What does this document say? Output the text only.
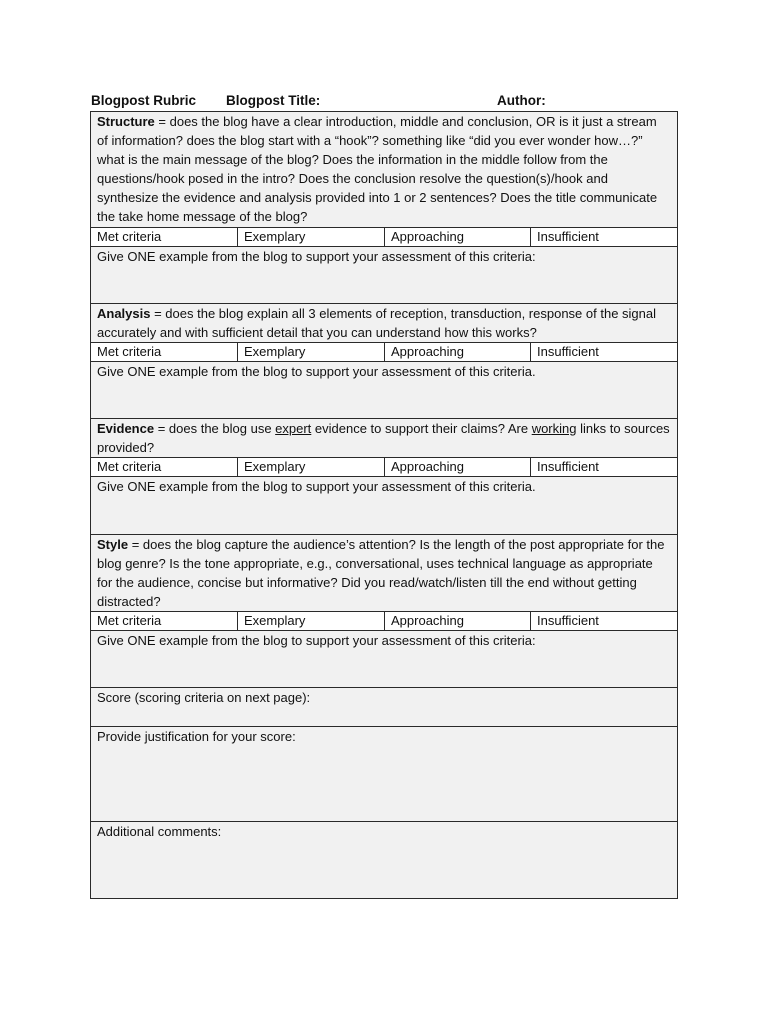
Blogpost Rubric Blogpost Title:	Author:
Structure = does the blog have a clear introduction, middle and conclusion, OR is it just a stream of information? does the blog start with a “hook”? something like “did you ever wonder how…?” what is the main message of the blog? Does the information in the middle follow from the questions/hook posed in the intro? Does the conclusion resolve the question(s)/hook and synthesize the evidence and analysis provided into 1 or 2 sentences? Does the title communicate the take home message of the blog?			
Met criteria	Exemplary	Approaching	Insufficient
Give ONE example from the blog to support your assessment of this criteria:			
Analysis = does the blog explain all 3 elements of reception, transduction, response of the signal accurately and with sufficient detail that you can understand how this works?			
Met criteria	Exemplary	Approaching	Insufficient
Give ONE example from the blog to support your assessment of this criteria.			
Evidence = does the blog use expert evidence to support their claims? Are working links to sources provided?			
Met criteria	Exemplary	Approaching	Insufficient
Give ONE example from the blog to support your assessment of this criteria.			
Style = does the blog capture the audience’s attention? Is the length of the post appropriate for the blog genre? Is the tone appropriate, e.g., conversational, uses technical language as appropriate for the audience, concise but informative? Did you read/watch/listen till the end without getting distracted?			
Met criteria	Exemplary	Approaching	Insufficient
Give ONE example from the blog to support your assessment of this criteria:			
Score (scoring criteria on next page):			
Provide justification for your score:			
Additional comments:			
